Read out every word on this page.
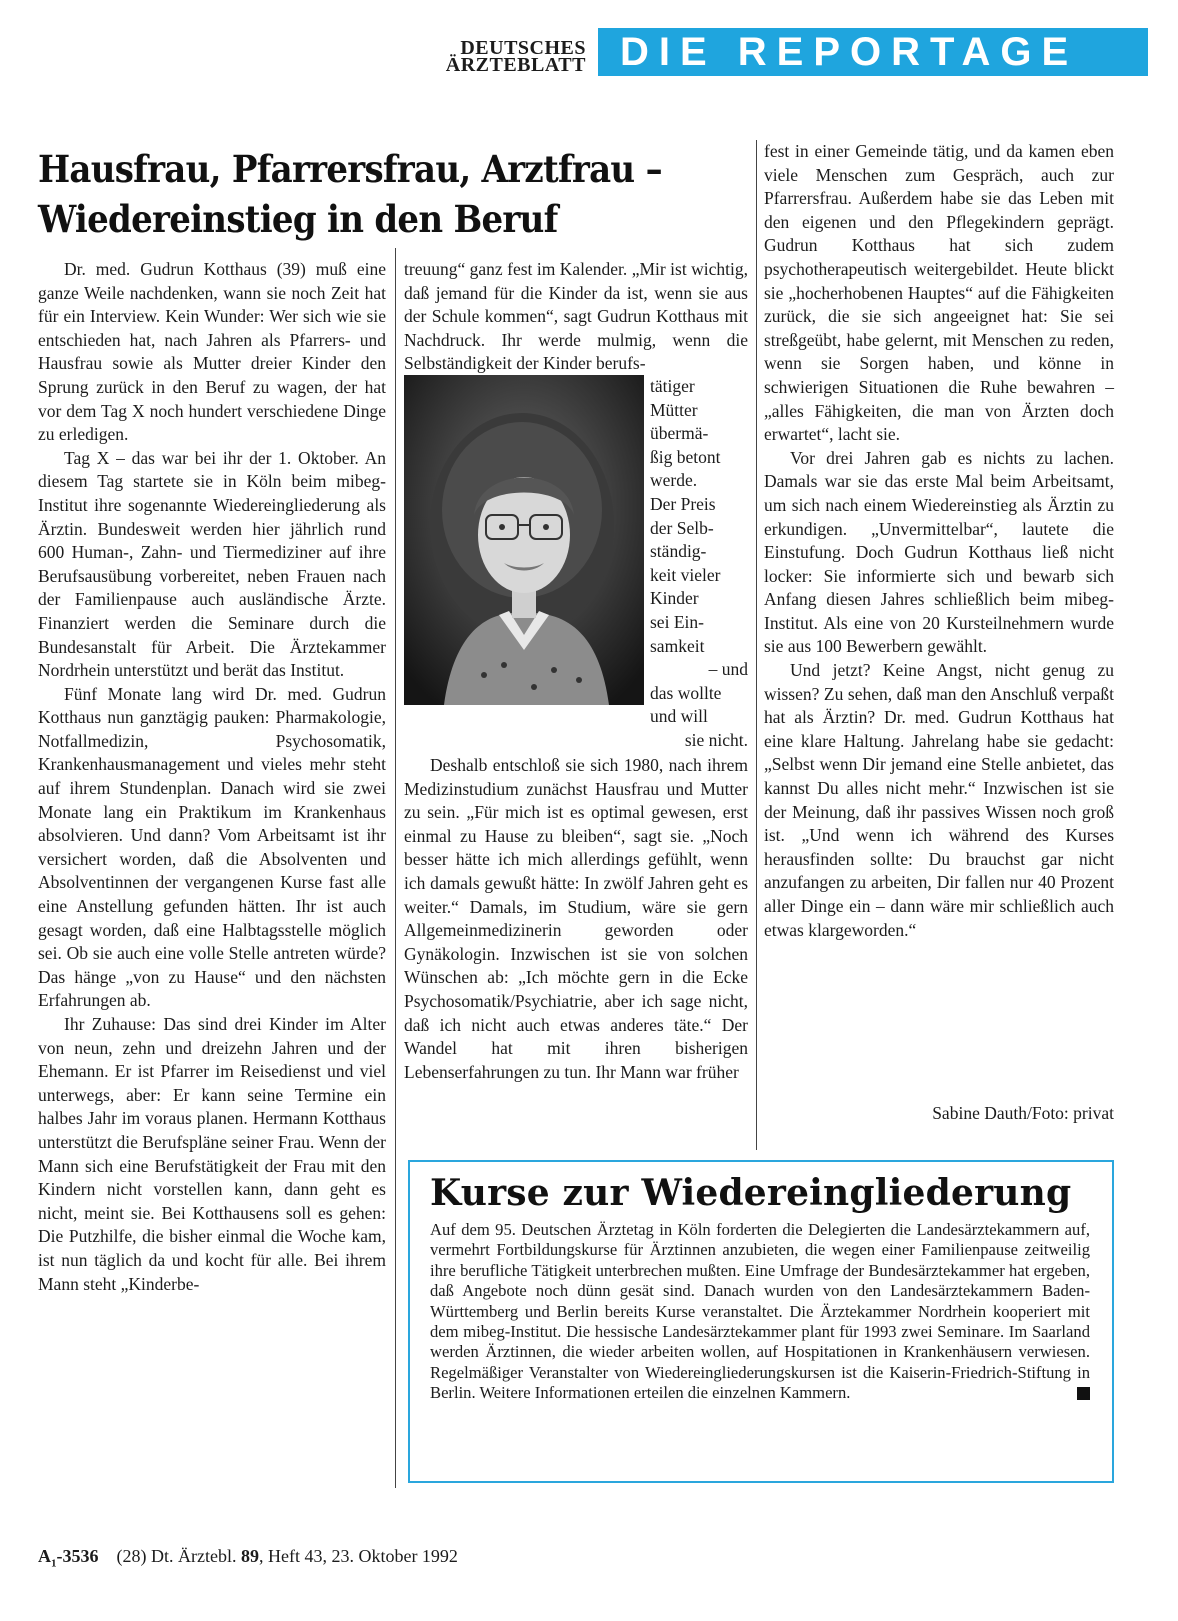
DEUTSCHES
ÄRZTEBLATT DIE REPORTAGE
Hausfrau, Pfarrersfrau, Arztfrau –
Wiedereinstieg in den Beruf

Dr. med. Gudrun Kotthaus (39) muß eine ganze Weile nachdenken, wann sie noch Zeit hat für ein Interview. Kein Wunder: Wer sich wie sie entschieden hat, nach Jahren als Pfarrers- und Hausfrau sowie als Mutter dreier Kinder den Sprung zurück in den Beruf zu wagen, der hat vor dem Tag X noch hundert verschiedene Dinge zu erledigen.

Tag X – das war bei ihr der 1. Oktober. An diesem Tag startete sie in Köln beim mibeg-Institut ihre sogenannte Wiedereingliederung als Ärztin. Bundesweit werden hier jährlich rund 600 Human-, Zahn- und Tiermediziner auf ihre Berufsausübung vorbereitet, neben Frauen nach der Familienpause auch ausländische Ärzte. Finanziert werden die Seminare durch die Bundesanstalt für Arbeit. Die Ärztekammer Nordrhein unterstützt und berät das Institut.

Fünf Monate lang wird Dr. med. Gudrun Kotthaus nun ganztägig pauken: Pharmakologie, Notfallmedizin, Psychosomatik, Krankenhausmanagement und vieles mehr steht auf ihrem Stundenplan. Danach wird sie zwei Monate lang ein Praktikum im Krankenhaus absolvieren. Und dann? Vom Arbeitsamt ist ihr versichert worden, daß die Absolventen und Absolventinnen der vergangenen Kurse fast alle eine Anstellung gefunden hätten. Ihr ist auch gesagt worden, daß eine Halbtagsstelle möglich sei. Ob sie auch eine volle Stelle antreten würde? Das hänge „von zu Hause“ und den nächsten Erfahrungen ab.

Ihr Zuhause: Das sind drei Kinder im Alter von neun, zehn und dreizehn Jahren und der Ehemann. Er ist Pfarrer im Reisedienst und viel unterwegs, aber: Er kann seine Termine ein halbes Jahr im voraus planen. Hermann Kotthaus unterstützt die Berufspläne seiner Frau. Wenn der Mann sich eine Berufstätigkeit der Frau mit den Kindern nicht vorstellen kann, dann geht es nicht, meint sie. Bei Kotthausens soll es gehen: Die Putzhilfe, die bisher einmal die Woche kam, ist nun täglich da und kocht für alle. Bei ihrem Mann steht „Kinderbe-

treuung“ ganz fest im Kalender. „Mir ist wichtig, daß jemand für die Kinder da ist, wenn sie aus der Schule kommen“, sagt Gudrun Kotthaus mit Nachdruck. Ihr werde mulmig, wenn die Selbständigkeit der Kinder berufs-

tätiger
Mütter
übermä-
ßig betont
werde.
Der Preis
der Selb-
ständig-
keit vieler
Kinder
sei Ein-
samkeit
– und
das wollte
und will
sie nicht.

Deshalb entschloß sie sich 1980, nach ihrem Medizinstudium zunächst Hausfrau und Mutter zu sein. „Für mich ist es optimal gewesen, erst einmal zu Hause zu bleiben“, sagt sie. „Noch besser hätte ich mich allerdings gefühlt, wenn ich damals gewußt hätte: In zwölf Jahren geht es weiter.“ Damals, im Studium, wäre sie gern Allgemeinmedizinerin geworden oder Gynäkologin. Inzwischen ist sie von solchen Wünschen ab: „Ich möchte gern in die Ecke Psychosomatik/Psychiatrie, aber ich sage nicht, daß ich nicht auch etwas anderes täte.“ Der Wandel hat mit ihren bisherigen Lebenserfahrungen zu tun. Ihr Mann war früher

fest in einer Gemeinde tätig, und da kamen eben viele Menschen zum Gespräch, auch zur Pfarrersfrau. Außerdem habe sie das Leben mit den eigenen und den Pflegekindern geprägt. Gudrun Kotthaus hat sich zudem psychotherapeutisch weitergebildet. Heute blickt sie „hocherhobenen Hauptes“ auf die Fähigkeiten zurück, die sie sich angeeignet hat: Sie sei streßgeübt, habe gelernt, mit Menschen zu reden, wenn sie Sorgen haben, und könne in schwierigen Situationen die Ruhe bewahren – „alles Fähigkeiten, die man von Ärzten doch erwartet“, lacht sie.

Vor drei Jahren gab es nichts zu lachen. Damals war sie das erste Mal beim Arbeitsamt, um sich nach einem Wiedereinstieg als Ärztin zu erkundigen. „Unvermittelbar“, lautete die Einstufung. Doch Gudrun Kotthaus ließ nicht locker: Sie informierte sich und bewarb sich Anfang diesen Jahres schließlich beim mibeg-Institut. Als eine von 20 Kursteilnehmern wurde sie aus 100 Bewerbern gewählt.

Und jetzt? Keine Angst, nicht genug zu wissen? Zu sehen, daß man den Anschluß verpaßt hat als Ärztin? Dr. med. Gudrun Kotthaus hat eine klare Haltung. Jahrelang habe sie gedacht: „Selbst wenn Dir jemand eine Stelle anbietet, das kannst Du alles nicht mehr.“ Inzwischen ist sie der Meinung, daß ihr passives Wissen noch groß ist. „Und wenn ich während des Kurses herausfinden sollte: Du brauchst gar nicht anzufangen zu arbeiten, Dir fallen nur 40 Prozent aller Dinge ein – dann wäre mir schließlich auch etwas klargeworden.“

Sabine Dauth/Foto: privat
Kurse zur Wiedereingliederung
Auf dem 95. Deutschen Ärztetag in Köln forderten die Delegierten die Landesärztekammern auf, vermehrt Fortbildungskurse für Ärztinnen anzubieten, die wegen einer Familienpause zeitweilig ihre berufliche Tätigkeit unterbrechen mußten. Eine Umfrage der Bundesärztekammer hat ergeben, daß Angebote noch dünn gesät sind. Danach wurden von den Landesärztekammern Baden-Württemberg und Berlin bereits Kurse veranstaltet. Die Ärztekammer Nordrhein kooperiert mit dem mibeg-Institut. Die hessische Landesärztekammer plant für 1993 zwei Seminare. Im Saarland werden Ärztinnen, die wieder arbeiten wollen, auf Hospitationen in Krankenhäusern verwiesen. Regelmäßiger Veranstalter von Wiedereingliederungskursen ist die Kaiserin-Friedrich-Stiftung in Berlin. Weitere Informationen erteilen die einzelnen Kammern.
$A_1-3536$ (28) Dt. Ärztebl. 89, Heft 43, 23. Oktober 1992
